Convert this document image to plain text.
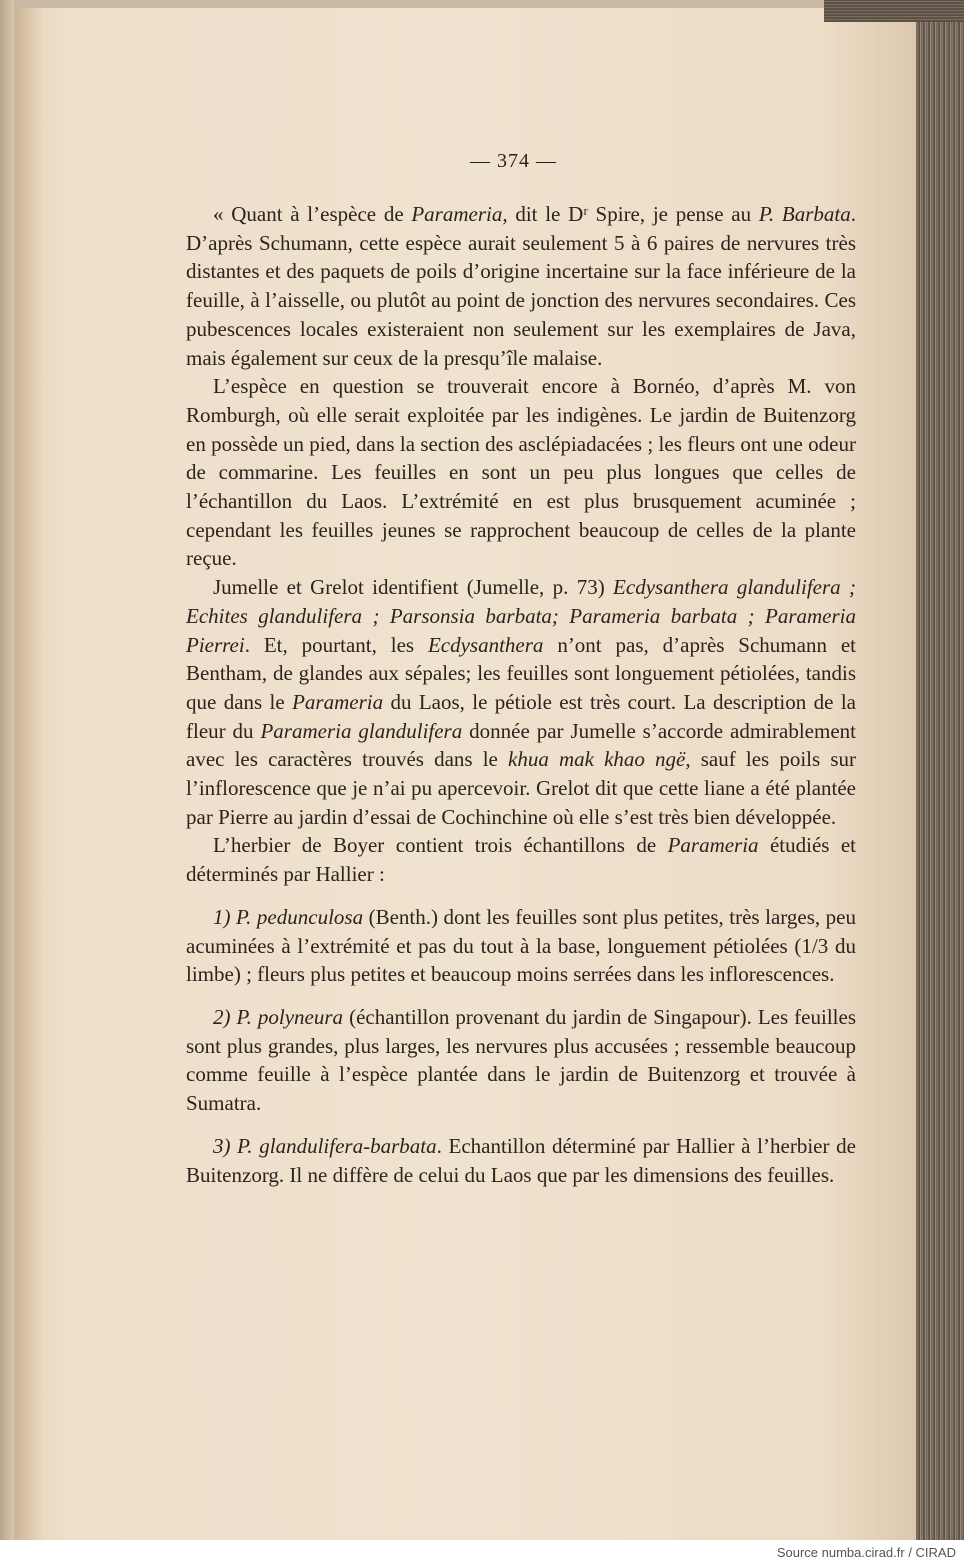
— 374 —

« Quant à l’espèce de Parameria, dit le Dʳ Spire, je pense au P. Barbata. D’après Schumann, cette espèce aurait seulement 5 à 6 paires de nervures très distantes et des paquets de poils d’origine incertaine sur la face inférieure de la feuille, à l’aisselle, ou plutôt au point de jonction des nervures secondaires. Ces pubescences locales existeraient non seulement sur les exemplaires de Java, mais également sur ceux de la presqu’île malaise.

L’espèce en question se trouverait encore à Bornéo, d’après M. von Romburgh, où elle serait exploitée par les indigènes. Le jardin de Buitenzorg en possède un pied, dans la section des asclépiadacées ; les fleurs ont une odeur de commarine. Les feuilles en sont un peu plus longues que celles de l’échantillon du Laos. L’extrémité en est plus brusquement acuminée ; cependant les feuilles jeunes se rapprochent beaucoup de celles de la plante reçue.

Jumelle et Grelot identifient (Jumelle, p. 73) Ecdysanthera glandulifera ; Echites glandulifera ; Parsonsia barbata; Parameria barbata ; Parameria Pierrei. Et, pourtant, les Ecdysanthera n’ont pas, d’après Schumann et Bentham, de glandes aux sépales; les feuilles sont longuement pétiolées, tandis que dans le Parameria du Laos, le pétiole est très court. La description de la fleur du Parameria glandulifera donnée par Jumelle s’accorde admirablement avec les caractères trouvés dans le khua mak khao ngë, sauf les poils sur l’inflorescence que je n’ai pu apercevoir. Grelot dit que cette liane a été plantée par Pierre au jardin d’essai de Cochinchine où elle s’est très bien développée.

L’herbier de Boyer contient trois échantillons de Parameria étudiés et déterminés par Hallier :

1) P. pedunculosa (Benth.) dont les feuilles sont plus petites, très larges, peu acuminées à l’extrémité et pas du tout à la base, longuement pétiolées (1/3 du limbe) ; fleurs plus petites et beaucoup moins serrées dans les inflorescences.

2) P. polyneura (échantillon provenant du jardin de Singapour). Les feuilles sont plus grandes, plus larges, les nervures plus accusées ; ressemble beaucoup comme feuille à l’espèce plantée dans le jardin de Buitenzorg et trouvée à Sumatra.

3) P. glandulifera-barbata. Echantillon déterminé par Hallier à l’herbier de Buitenzorg. Il ne diffère de celui du Laos que par les dimensions des feuilles.

Source numba.cirad.fr / CIRAD
